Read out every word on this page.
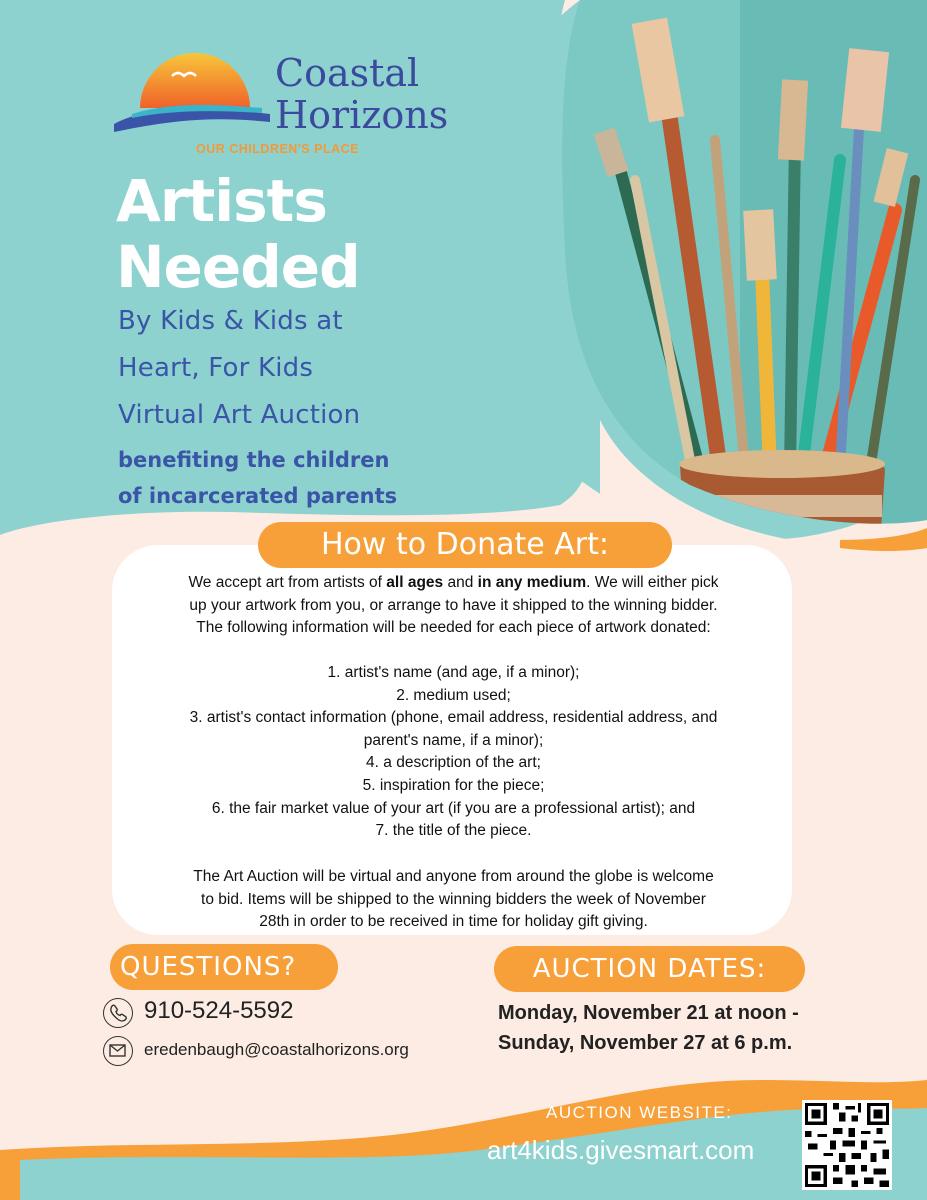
Coastal
Horizons
OUR CHILDREN'S PLACE
Artists
Needed
By Kids & Kids at
Heart, For Kids
Virtual Art Auction
benefiting the children
of incarcerated parents
How to Donate Art:
We accept art from artists of all ages and in any medium. We will either pick
up your artwork from you, or arrange to have it shipped to the winning bidder.
The following information will be needed for each piece of artwork donated:
1. artist's name (and age, if a minor);
2. medium used;
3. artist's contact information (phone, email address, residential address, and
parent's name, if a minor);
4. a description of the art;
5. inspiration for the piece;
6. the fair market value of your art (if you are a professional artist); and
7. the title of the piece.
The Art Auction will be virtual and anyone from around the globe is welcome
to bid. Items will be shipped to the winning bidders the week of November
28th in order to be received in time for holiday gift giving.
QUESTIONS?
910-524-5592
eredenbaugh@coastalhorizons.org
AUCTION DATES:
Monday, November 21 at noon -
Sunday, November 27 at 6 p.m.
AUCTION WEBSITE:
art4kids.givesmart.com
